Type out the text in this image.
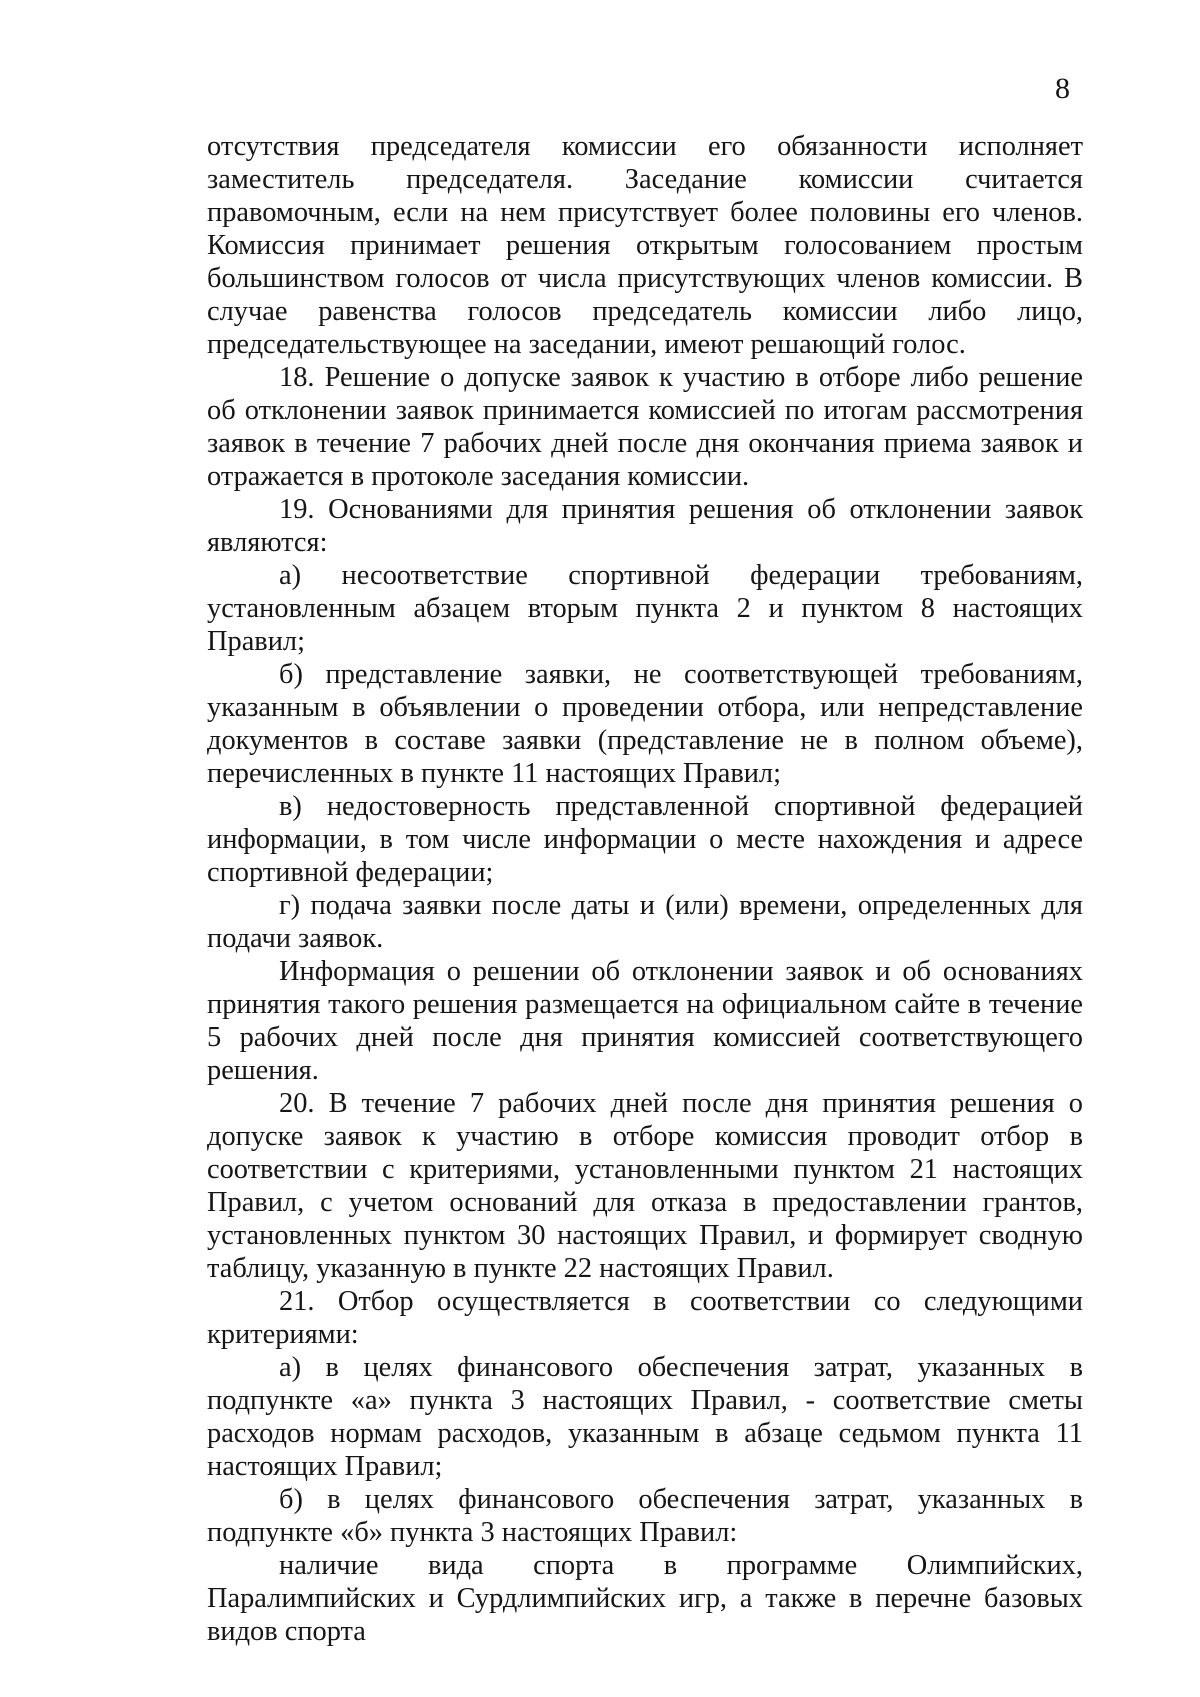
8

отсутствия председателя комиссии его обязанности исполняет заместитель председателя. Заседание комиссии считается правомочным, если на нем присутствует более половины его членов. Комиссия принимает решения открытым голосованием простым большинством голосов от числа присутствующих членов комиссии. В случае равенства голосов председатель комиссии либо лицо, председательствующее на заседании, имеют решающий голос.

18. Решение о допуске заявок к участию в отборе либо решение об отклонении заявок принимается комиссией по итогам рассмотрения заявок в течение 7 рабочих дней после дня окончания приема заявок и отражается в протоколе заседания комиссии.

19. Основаниями для принятия решения об отклонении заявок являются:

а) несоответствие спортивной федерации требованиям, установленным абзацем вторым пункта 2 и пунктом 8 настоящих Правил;

б) представление заявки, не соответствующей требованиям, указанным в объявлении о проведении отбора, или непредставление документов в составе заявки (представление не в полном объеме), перечисленных в пункте 11 настоящих Правил;

в) недостоверность представленной спортивной федерацией информации, в том числе информации о месте нахождения и адресе спортивной федерации;

г) подача заявки после даты и (или) времени, определенных для подачи заявок.

Информация о решении об отклонении заявок и об основаниях принятия такого решения размещается на официальном сайте в течение 5 рабочих дней после дня принятия комиссией соответствующего решения.

20. В течение 7 рабочих дней после дня принятия решения о допуске заявок к участию в отборе комиссия проводит отбор в соответствии с критериями, установленными пунктом 21 настоящих Правил, с учетом оснований для отказа в предоставлении грантов, установленных пунктом 30 настоящих Правил, и формирует сводную таблицу, указанную в пункте 22 настоящих Правил.

21. Отбор осуществляется в соответствии со следующими критериями:

а) в целях финансового обеспечения затрат, указанных в подпункте «а» пункта 3 настоящих Правил, - соответствие сметы расходов нормам расходов, указанным в абзаце седьмом пункта 11 настоящих Правил;

б) в целях финансового обеспечения затрат, указанных в подпункте «б» пункта 3 настоящих Правил:

наличие вида спорта в программе Олимпийских, Паралимпийских и Сурдлимпийских игр, а также в перечне базовых видов спорта
